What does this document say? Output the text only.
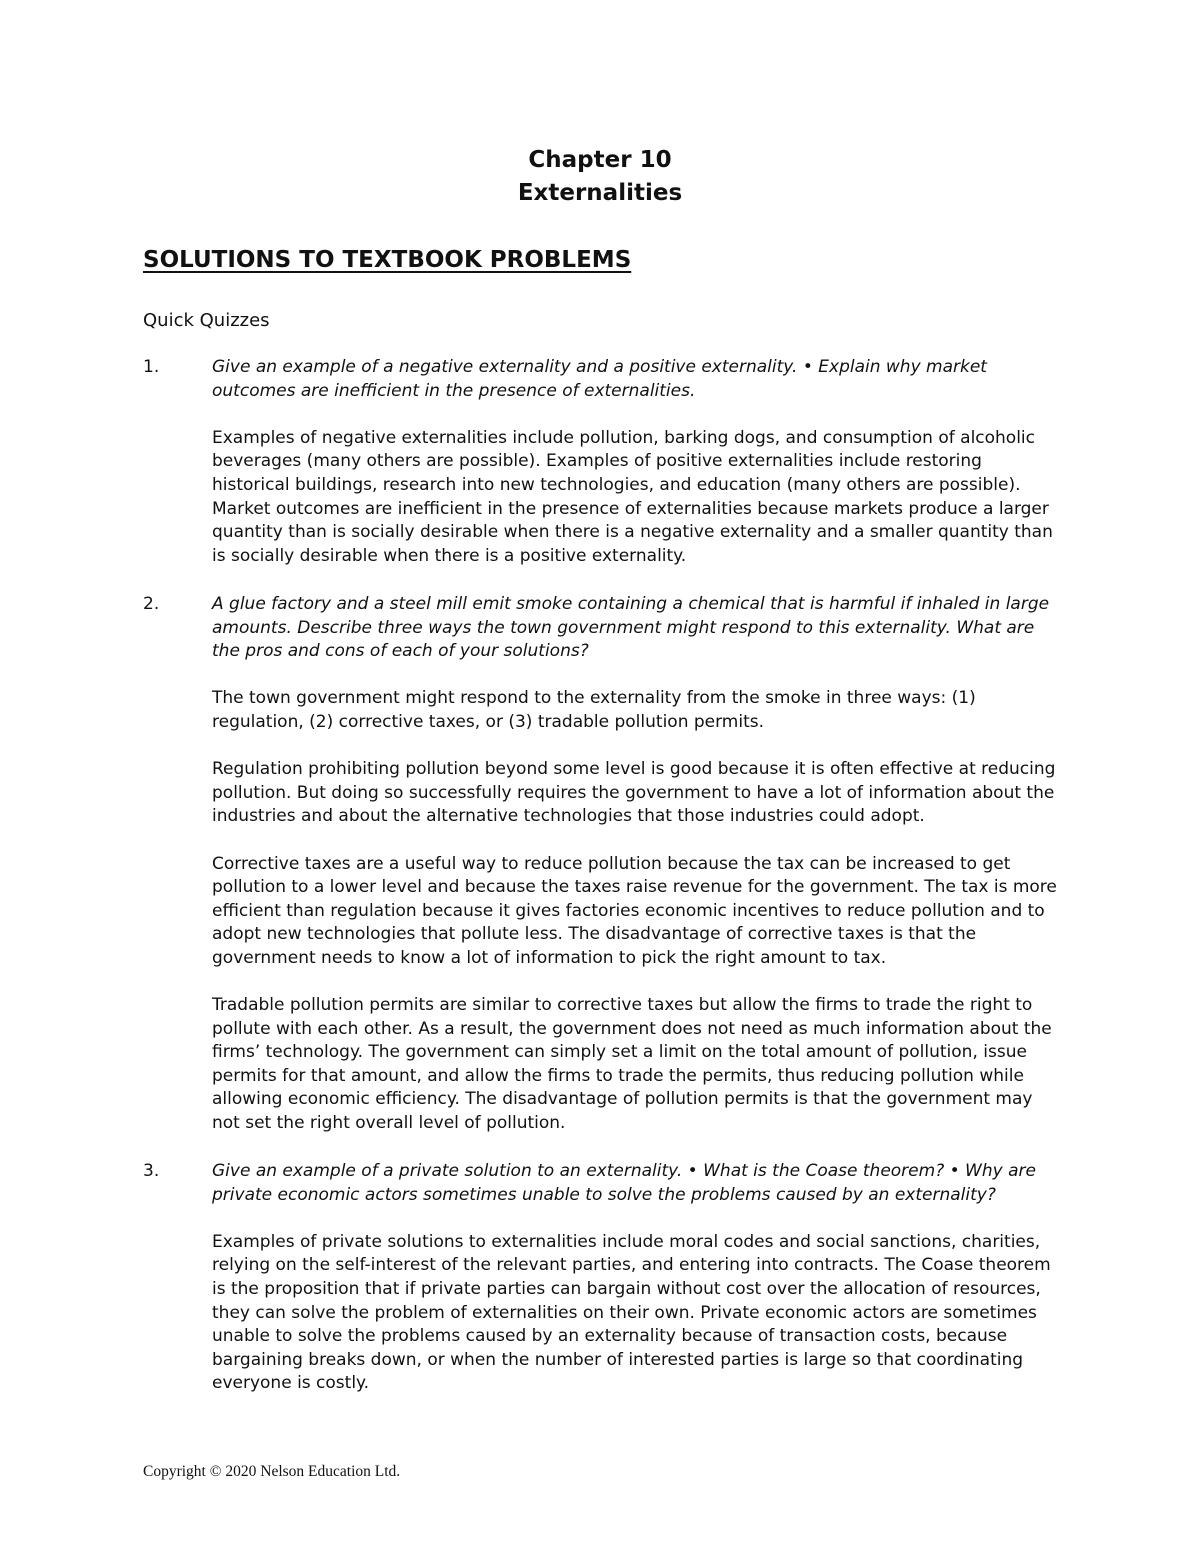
Chapter 10
Externalities
SOLUTIONS TO TEXTBOOK PROBLEMS
Quick Quizzes
1.	Give an example of a negative externality and a positive externality. • Explain why market outcomes are inefficient in the presence of externalities.

Examples of negative externalities include pollution, barking dogs, and consumption of alcoholic beverages (many others are possible). Examples of positive externalities include restoring historical buildings, research into new technologies, and education (many others are possible). Market outcomes are inefficient in the presence of externalities because markets produce a larger quantity than is socially desirable when there is a negative externality and a smaller quantity than is socially desirable when there is a positive externality.

2.	A glue factory and a steel mill emit smoke containing a chemical that is harmful if inhaled in large amounts. Describe three ways the town government might respond to this externality. What are the pros and cons of each of your solutions?

The town government might respond to the externality from the smoke in three ways: (1) regulation, (2) corrective taxes, or (3) tradable pollution permits.

Regulation prohibiting pollution beyond some level is good because it is often effective at reducing pollution. But doing so successfully requires the government to have a lot of information about the industries and about the alternative technologies that those industries could adopt.

Corrective taxes are a useful way to reduce pollution because the tax can be increased to get pollution to a lower level and because the taxes raise revenue for the government. The tax is more efficient than regulation because it gives factories economic incentives to reduce pollution and to adopt new technologies that pollute less. The disadvantage of corrective taxes is that the government needs to know a lot of information to pick the right amount to tax.

Tradable pollution permits are similar to corrective taxes but allow the firms to trade the right to pollute with each other. As a result, the government does not need as much information about the firms’ technology. The government can simply set a limit on the total amount of pollution, issue permits for that amount, and allow the firms to trade the permits, thus reducing pollution while allowing economic efficiency. The disadvantage of pollution permits is that the government may not set the right overall level of pollution.

3.	Give an example of a private solution to an externality. • What is the Coase theorem? • Why are private economic actors sometimes unable to solve the problems caused by an externality?

Examples of private solutions to externalities include moral codes and social sanctions, charities, relying on the self-interest of the relevant parties, and entering into contracts. The Coase theorem is the proposition that if private parties can bargain without cost over the allocation of resources, they can solve the problem of externalities on their own. Private economic actors are sometimes unable to solve the problems caused by an externality because of transaction costs, because bargaining breaks down, or when the number of interested parties is large so that coordinating everyone is costly.

Copyright © 2020 Nelson Education Ltd.
